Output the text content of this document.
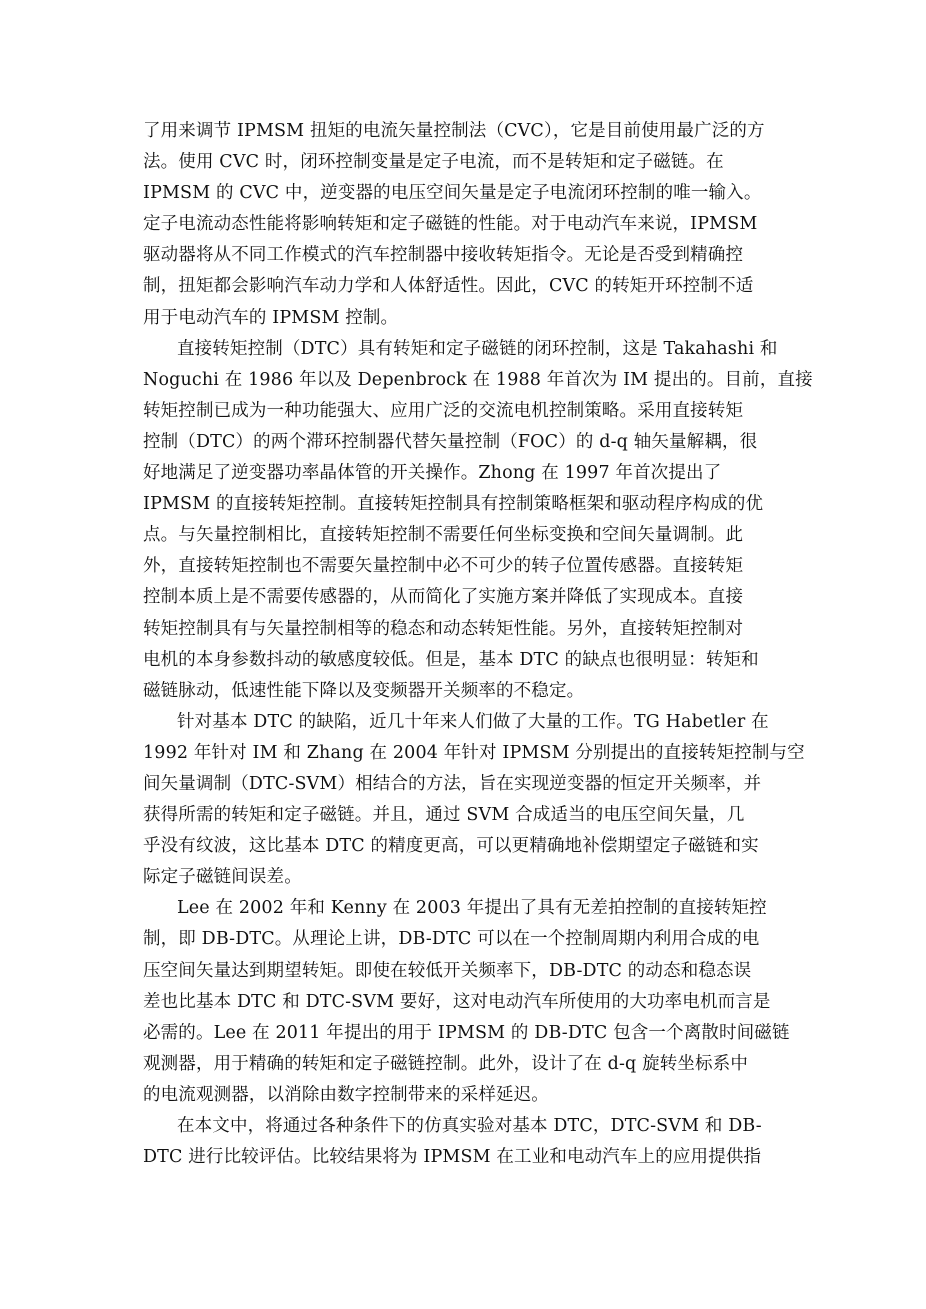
了用来调节 IPMSM 扭矩的电流矢量控制法（CVC），它是目前使用最广泛的方
法。使用 CVC 时，闭环控制变量是定子电流，而不是转矩和定子磁链。在
IPMSM 的 CVC 中，逆变器的电压空间矢量是定子电流闭环控制的唯一输入。
定子电流动态性能将影响转矩和定子磁链的性能。对于电动汽车来说，IPMSM
驱动器将从不同工作模式的汽车控制器中接收转矩指令。无论是否受到精确控
制，扭矩都会影响汽车动力学和人体舒适性。因此，CVC 的转矩开环控制不适
用于电动汽车的 IPMSM 控制。
直接转矩控制（DTC）具有转矩和定子磁链的闭环控制，这是 Takahashi 和
Noguchi 在 1986 年以及 Depenbrock 在 1988 年首次为 IM 提出的。目前，直接
转矩控制已成为一种功能强大、应用广泛的交流电机控制策略。采用直接转矩
控制（DTC）的两个滞环控制器代替矢量控制（FOC）的 d-q 轴矢量解耦，很
好地满足了逆变器功率晶体管的开关操作。Zhong 在 1997 年首次提出了
IPMSM 的直接转矩控制。直接转矩控制具有控制策略框架和驱动程序构成的优
点。与矢量控制相比，直接转矩控制不需要任何坐标变换和空间矢量调制。此
外，直接转矩控制也不需要矢量控制中必不可少的转子位置传感器。直接转矩
控制本质上是不需要传感器的，从而简化了实施方案并降低了实现成本。直接
转矩控制具有与矢量控制相等的稳态和动态转矩性能。另外，直接转矩控制对
电机的本身参数抖动的敏感度较低。但是，基本 DTC 的缺点也很明显：转矩和
磁链脉动，低速性能下降以及变频器开关频率的不稳定。
针对基本 DTC 的缺陷，近几十年来人们做了大量的工作。TG Habetler 在
1992 年针对 IM 和 Zhang 在 2004 年针对 IPMSM 分别提出的直接转矩控制与空
间矢量调制（DTC-SVM）相结合的方法，旨在实现逆变器的恒定开关频率，并
获得所需的转矩和定子磁链。并且，通过 SVM 合成适当的电压空间矢量，几
乎没有纹波，这比基本 DTC 的精度更高，可以更精确地补偿期望定子磁链和实
际定子磁链间误差。
Lee 在 2002 年和 Kenny 在 2003 年提出了具有无差拍控制的直接转矩控
制，即 DB-DTC。从理论上讲，DB-DTC 可以在一个控制周期内利用合成的电
压空间矢量达到期望转矩。即使在较低开关频率下，DB-DTC 的动态和稳态误
差也比基本 DTC 和 DTC-SVM 要好，这对电动汽车所使用的大功率电机而言是
必需的。Lee 在 2011 年提出的用于 IPMSM 的 DB-DTC 包含一个离散时间磁链
观测器，用于精确的转矩和定子磁链控制。此外，设计了在 d-q 旋转坐标系中
的电流观测器，以消除由数字控制带来的采样延迟。
在本文中，将通过各种条件下的仿真实验对基本 DTC，DTC-SVM 和 DB-
DTC 进行比较评估。比较结果将为 IPMSM 在工业和电动汽车上的应用提供指
